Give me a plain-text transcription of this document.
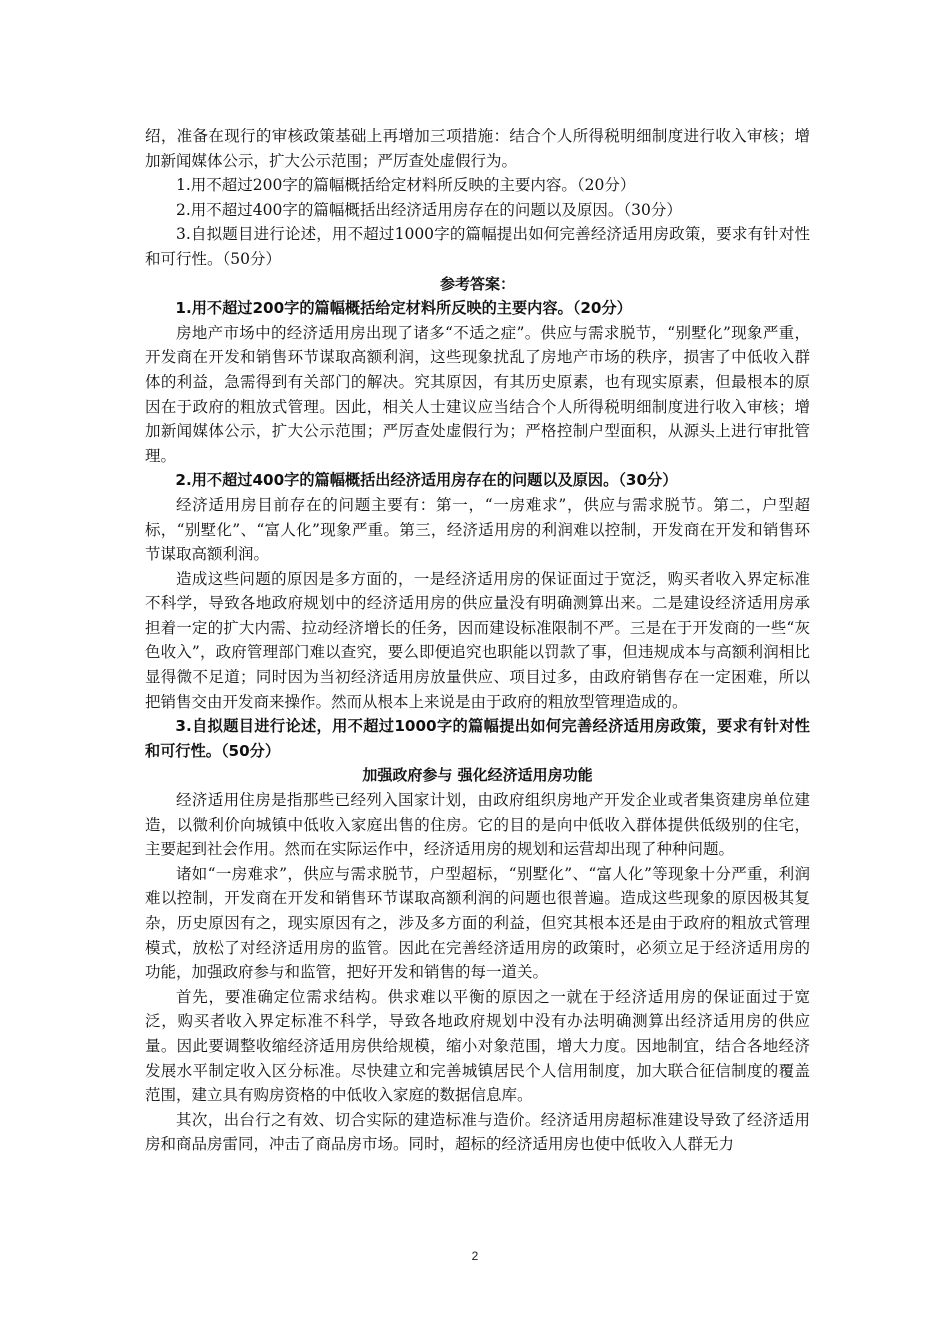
绍，准备在现行的审核政策基础上再增加三项措施：结合个人所得税明细制度进行收入审核；增加新闻媒体公示，扩大公示范围；严厉查处虚假行为。

1.用不超过200字的篇幅概括给定材料所反映的主要内容。（20分）

2.用不超过400字的篇幅概括出经济适用房存在的问题以及原因。（30分）

3.自拟题目进行论述，用不超过1000字的篇幅提出如何完善经济适用房政策，要求有针对性和可行性。（50分）

参考答案：

1.用不超过200字的篇幅概括给定材料所反映的主要内容。（20分）

房地产市场中的经济适用房出现了诸多“不适之症”。供应与需求脱节，“别墅化”现象严重，开发商在开发和销售环节谋取高额利润，这些现象扰乱了房地产市场的秩序，损害了中低收入群体的利益，急需得到有关部门的解决。究其原因，有其历史原素，也有现实原素，但最根本的原因在于政府的粗放式管理。因此，相关人士建议应当结合个人所得税明细制度进行收入审核；增加新闻媒体公示，扩大公示范围；严厉查处虚假行为；严格控制户型面积，从源头上进行审批管理。

2.用不超过400字的篇幅概括出经济适用房存在的问题以及原因。（30分）

经济适用房目前存在的问题主要有：第一，“一房难求”，供应与需求脱节。第二，户型超标，“别墅化”、“富人化”现象严重。第三，经济适用房的利润难以控制，开发商在开发和销售环节谋取高额利润。

造成这些问题的原因是多方面的，一是经济适用房的保证面过于宽泛，购买者收入界定标准不科学，导致各地政府规划中的经济适用房的供应量没有明确测算出来。二是建设经济适用房承担着一定的扩大内需、拉动经济增长的任务，因而建设标准限制不严。三是在于开发商的一些“灰色收入”，政府管理部门难以查究，要么即便追究也职能以罚款了事，但违规成本与高额利润相比显得微不足道；同时因为当初经济适用房放量供应、项目过多，由政府销售存在一定困难，所以把销售交由开发商来操作。然而从根本上来说是由于政府的粗放型管理造成的。

3.自拟题目进行论述，用不超过1000字的篇幅提出如何完善经济适用房政策，要求有针对性和可行性。（50分）

加强政府参与 强化经济适用房功能

经济适用住房是指那些已经列入国家计划，由政府组织房地产开发企业或者集资建房单位建造，以微利价向城镇中低收入家庭出售的住房。它的目的是向中低收入群体提供低级别的住宅，主要起到社会作用。然而在实际运作中，经济适用房的规划和运营却出现了种种问题。

诸如“一房难求”，供应与需求脱节，户型超标，“别墅化”、“富人化”等现象十分严重，利润难以控制，开发商在开发和销售环节谋取高额利润的问题也很普遍。造成这些现象的原因极其复杂，历史原因有之，现实原因有之，涉及多方面的利益，但究其根本还是由于政府的粗放式管理模式，放松了对经济适用房的监管。因此在完善经济适用房的政策时，必须立足于经济适用房的功能，加强政府参与和监管，把好开发和销售的每一道关。

首先，要准确定位需求结构。供求难以平衡的原因之一就在于经济适用房的保证面过于宽泛，购买者收入界定标准不科学，导致各地政府规划中没有办法明确测算出经济适用房的供应量。因此要调整收缩经济适用房供给规模，缩小对象范围，增大力度。因地制宜，结合各地经济发展水平制定收入区分标准。尽快建立和完善城镇居民个人信用制度，加大联合征信制度的覆盖范围，建立具有购房资格的中低收入家庭的数据信息库。

其次，出台行之有效、切合实际的建造标准与造价。经济适用房超标准建设导致了经济适用房和商品房雷同，冲击了商品房市场。同时，超标的经济适用房也使中低收入人群无力

2
